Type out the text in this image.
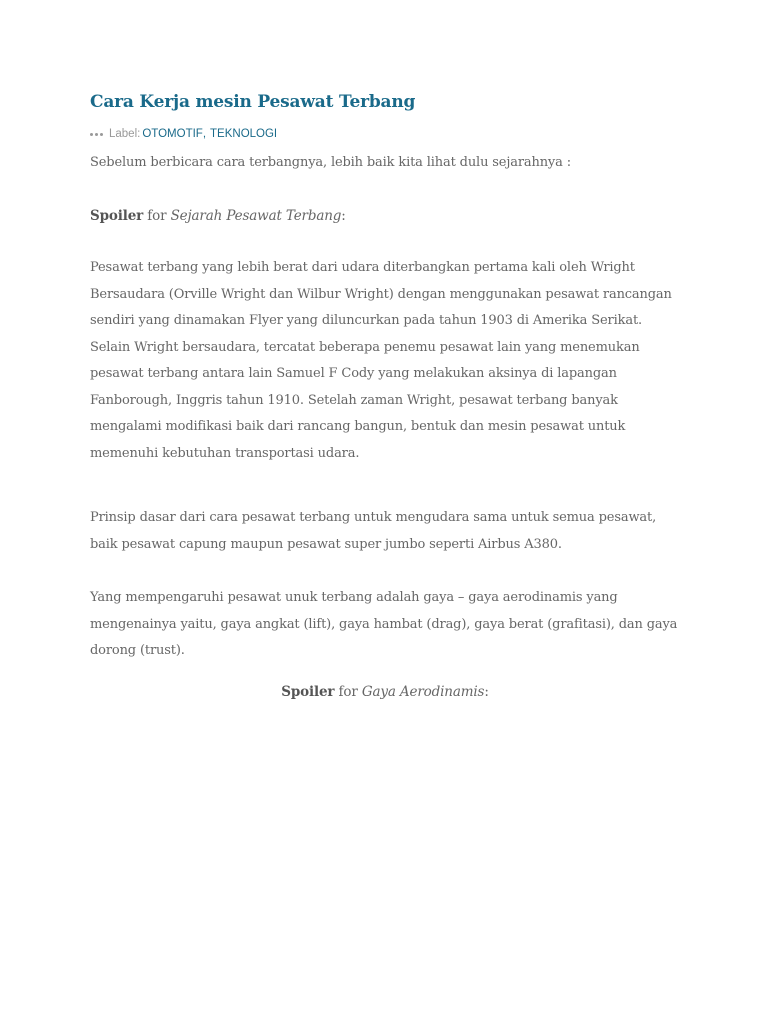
Cara Kerja mesin Pesawat Terbang
Label: OTOMOTIF , TEKNOLOGI
Sebelum berbicara cara terbangnya, lebih baik kita lihat dulu sejarahnya :
Spoiler for Sejarah Pesawat Terbang:
Pesawat terbang yang lebih berat dari udara diterbangkan pertama kali oleh Wright Bersaudara (Orville Wright dan Wilbur Wright) dengan menggunakan pesawat rancangan sendiri yang dinamakan Flyer yang diluncurkan pada tahun 1903 di Amerika Serikat. Selain Wright bersaudara, tercatat beberapa penemu pesawat lain yang menemukan pesawat terbang antara lain Samuel F Cody yang melakukan aksinya di lapangan Fanborough, Inggris tahun 1910. Setelah zaman Wright, pesawat terbang banyak mengalami modifikasi baik dari rancang bangun, bentuk dan mesin pesawat untuk memenuhi kebutuhan transportasi udara.
Prinsip dasar dari cara pesawat terbang untuk mengudara sama untuk semua pesawat, baik pesawat capung maupun pesawat super jumbo seperti Airbus A380.
Yang mempengaruhi pesawat unuk terbang adalah gaya – gaya aerodinamis yang mengenainya yaitu, gaya angkat (lift), gaya hambat (drag), gaya berat (grafitasi), dan gaya dorong (trust).
Spoiler for Gaya Aerodinamis:
